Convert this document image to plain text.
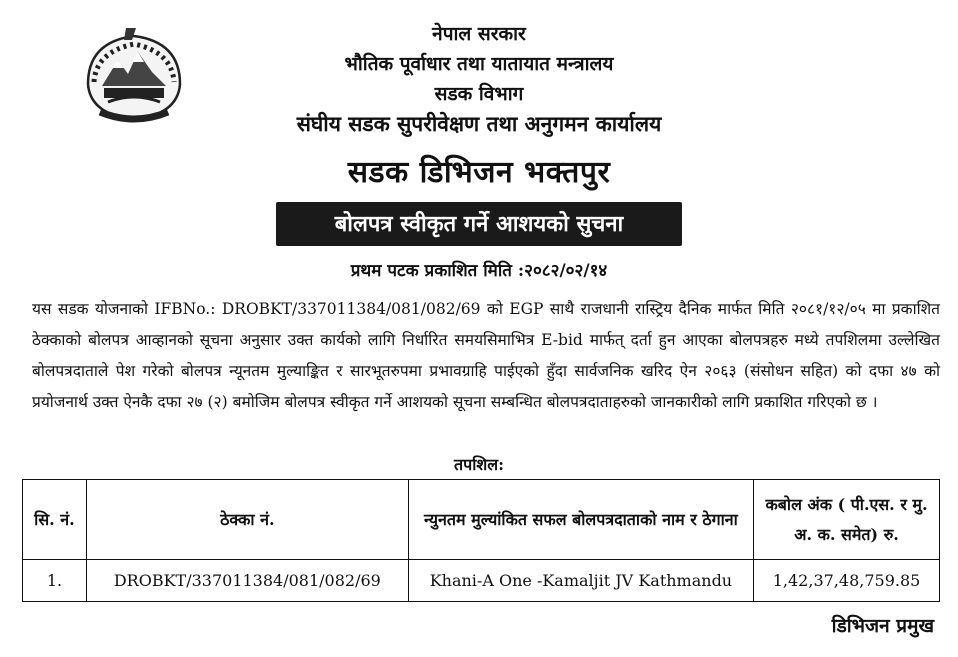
नेपाल सरकार
भौतिक पूर्वाधार तथा यातायात मन्त्रालय
सडक विभाग
संघीय सडक सुपरीवेक्षण तथा अनुगमन कार्यालय
सडक डिभिजन भक्तपुर
बोलपत्र स्वीकृत गर्ने आशयको सुचना
प्रथम पटक प्रकाशित मिति :२०८२/०२/१४

यस सडक योजनाको IFBNo.: DROBKT/337011384/081/082/69 को EGP साथै राजधानी रास्ट्रिय दैनिक मार्फत मिति २०८१/१२/०५ मा प्रकाशित ठेक्काको बोलपत्र आव्हानको सूचना अनुसार उक्त कार्यको लागि निर्धारित समयसिमाभित्र E-bid मार्फत् दर्ता हुन आएका बोलपत्रहरु मध्ये तपशिलमा उल्लेखित बोलपत्रदाताले पेश गरेको बोलपत्र न्यूनतम मुल्याङ्कित र सारभूतरुपमा प्रभावग्राहि पाईएको हुँदा सार्वजनिक खरिद ऐन २०६३ (संसोधन सहित) को दफा ४७ को प्रयोजनार्थ उक्त ऐनकै दफा २७ (२) बमोजिम बोलपत्र स्वीकृत गर्ने आशयको सूचना सम्बन्धित बोलपत्रदाताहरुको जानकारीको लागि प्रकाशित गरिएको छ ।

तपशिल:
सि. नं.	ठेक्का नं.	न्युनतम मुल्यांकित सफल बोलपत्रदाताको नाम र ठेगाना	कबोल अंक ( पी.एस. र मु. अ. क. समेत) रु.
1.	DROBKT/337011384/081/082/69	Khani-A One -Kamaljit JV Kathmandu	1,42,37,48,759.85
डिभिजन प्रमुख
